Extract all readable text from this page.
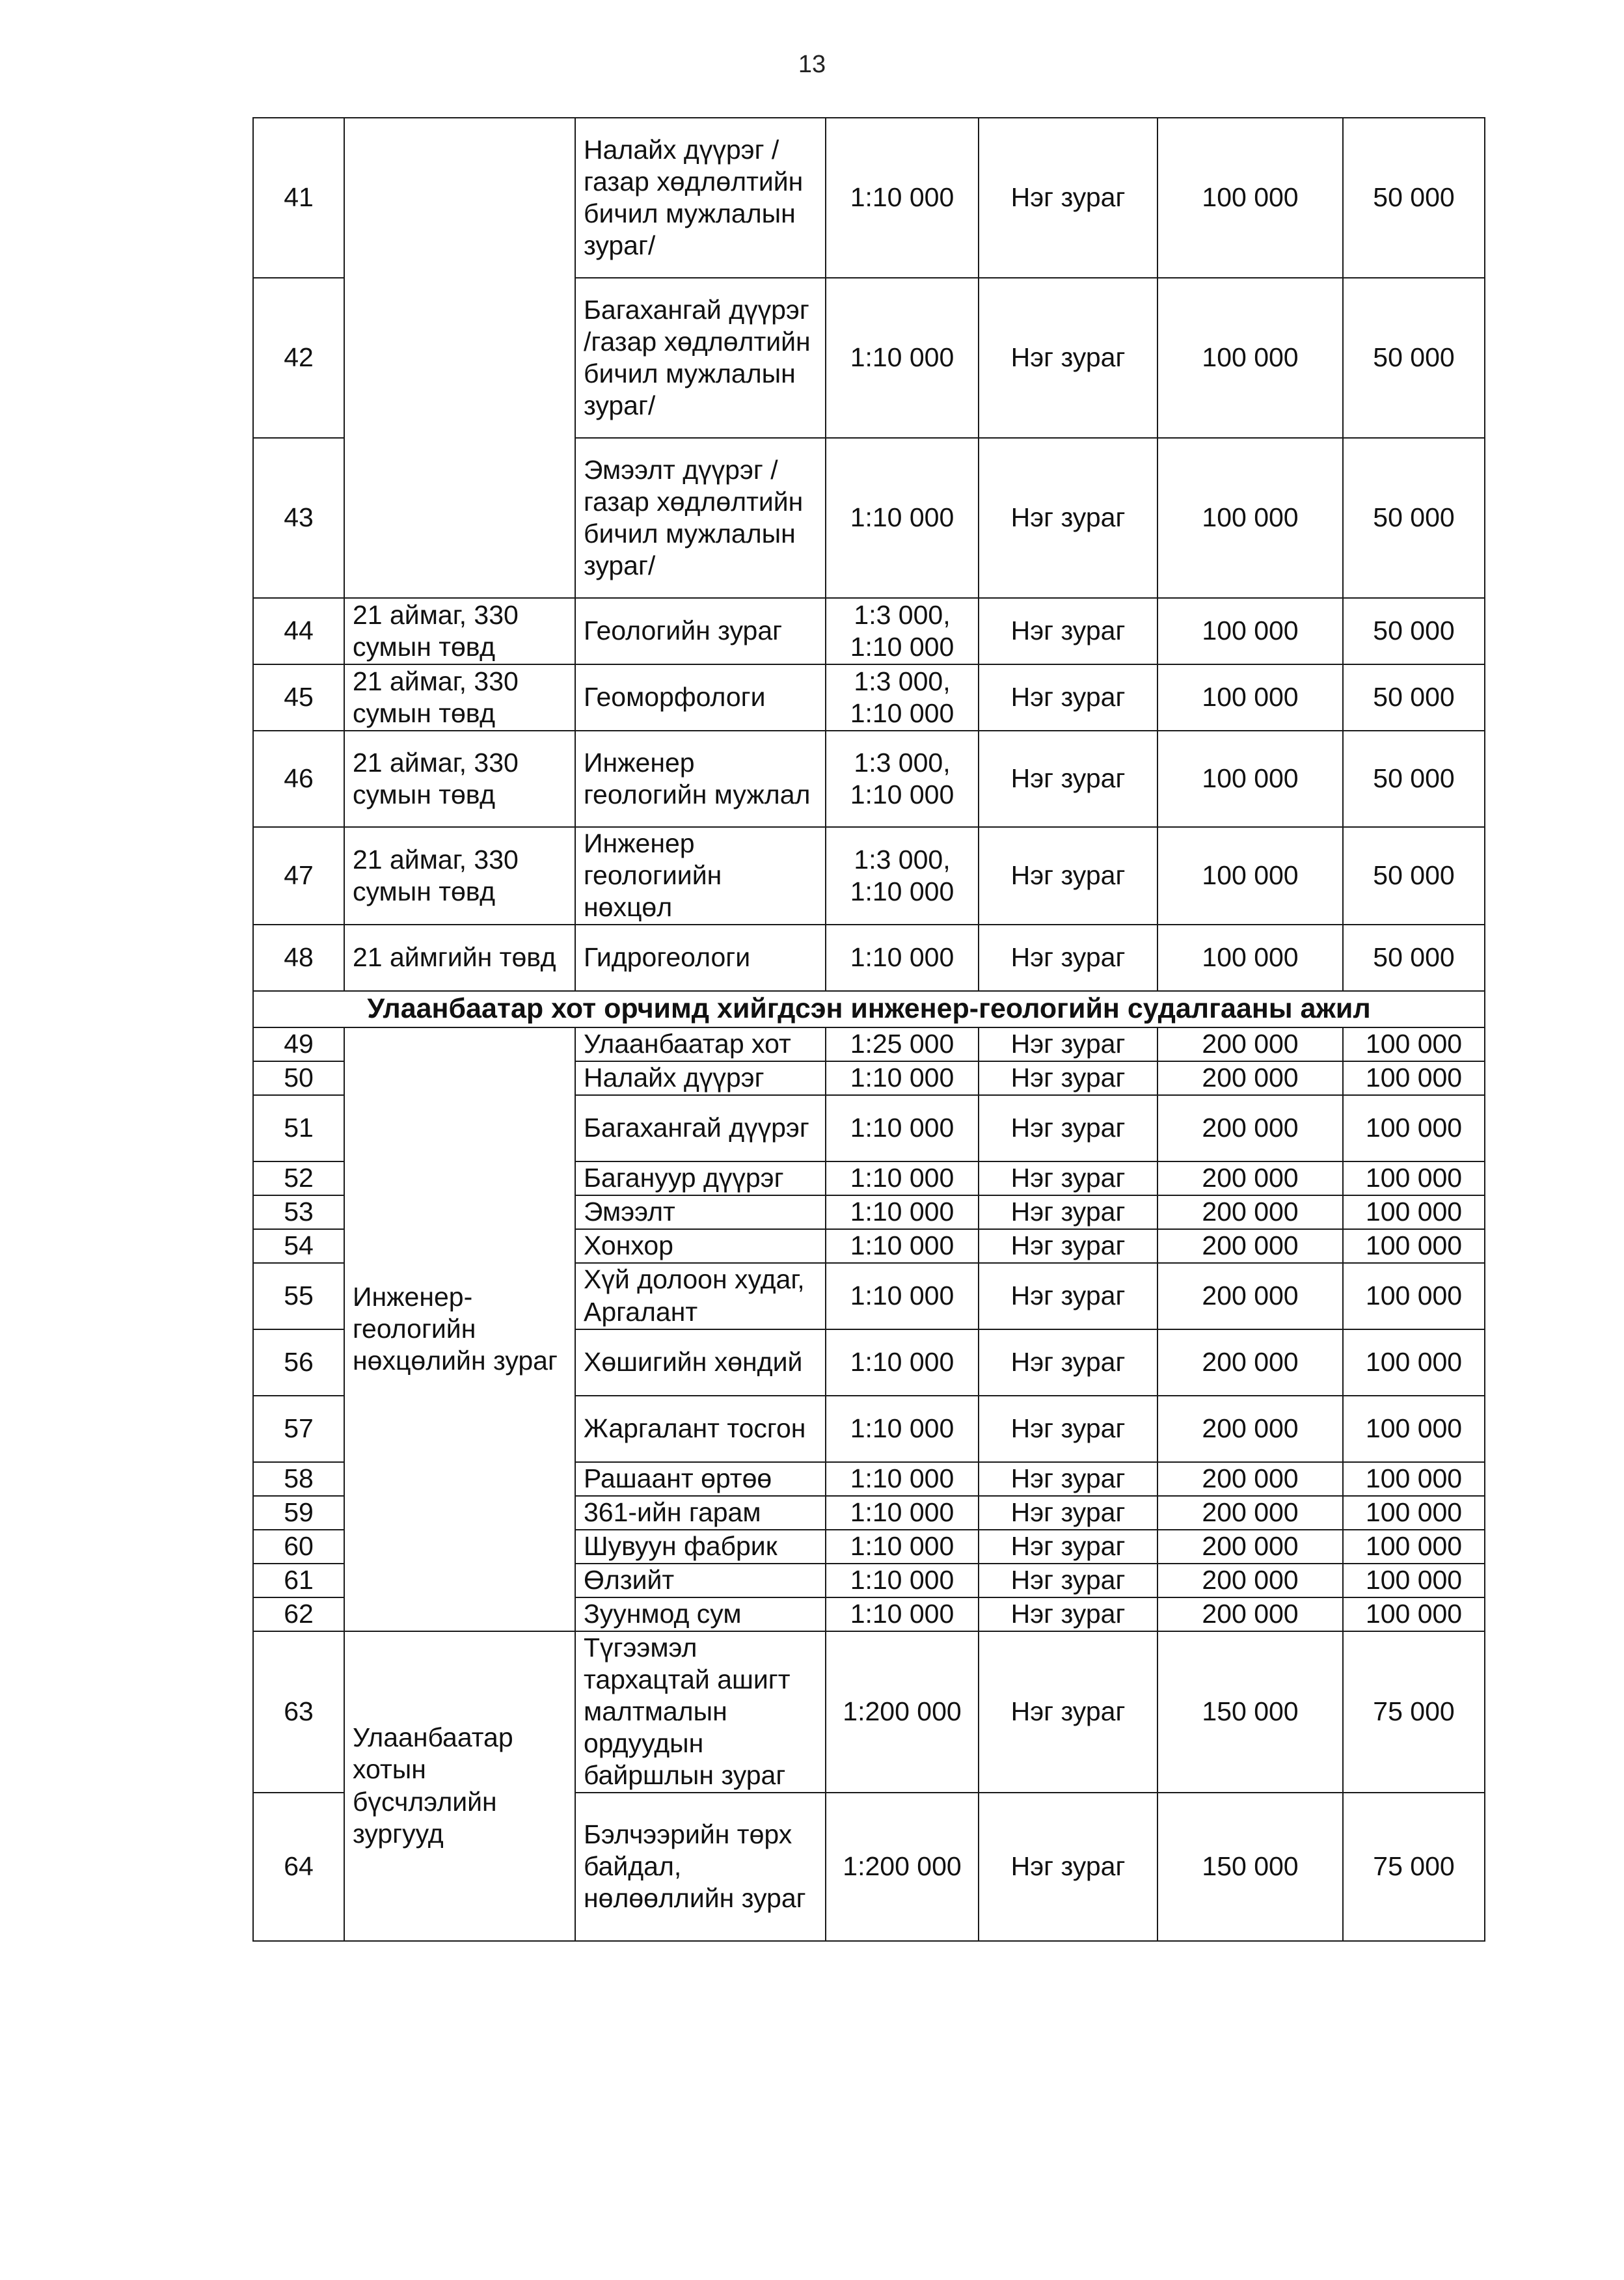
13
41		Налайх дүүрэг /газар хөдлөлтийн бичил мужлалын зураг/	1:10 000	Нэг зураг	100 000	50 000
42		Багахангай дүүрэг /газар хөдлөлтийн бичил мужлалын зураг/	1:10 000	Нэг зураг	100 000	50 000
43		Эмээлт дүүрэг /газар хөдлөлтийн бичил мужлалын зураг/	1:10 000	Нэг зураг	100 000	50 000
44	21 аймаг, 330 сумын төвд	Геологийн зураг	1:3 000, 1:10 000	Нэг зураг	100 000	50 000
45	21 аймаг, 330 сумын төвд	Геоморфологи	1:3 000, 1:10 000	Нэг зураг	100 000	50 000
46	21 аймаг, 330 сумын төвд	Инженер геологийн мужлал	1:3 000, 1:10 000	Нэг зураг	100 000	50 000
47	21 аймаг, 330 сумын төвд	Инженер геологиийн нөхцөл	1:3 000, 1:10 000	Нэг зураг	100 000	50 000
48	21 аймгийн төвд	Гидрогеологи	1:10 000	Нэг зураг	100 000	50 000
Улаанбаатар хот орчимд хийгдсэн инженер-геологийн судалгааны ажил						
49	Инженер-геологийн нөхцөлийн зураг	Улаанбаатар хот	1:25 000	Нэг зураг	200 000	100 000
50		Налайх дүүрэг	1:10 000	Нэг зураг	200 000	100 000
51		Багахангай дүүрэг	1:10 000	Нэг зураг	200 000	100 000
52		Багануур дүүрэг	1:10 000	Нэг зураг	200 000	100 000
53		Эмээлт	1:10 000	Нэг зураг	200 000	100 000
54		Хонхор	1:10 000	Нэг зураг	200 000	100 000
55		Хүй долоон худаг, Аргалант	1:10 000	Нэг зураг	200 000	100 000
56		Хөшигийн хөндий	1:10 000	Нэг зураг	200 000	100 000
57		Жаргалант тосгон	1:10 000	Нэг зураг	200 000	100 000
58		Рашаант өртөө	1:10 000	Нэг зураг	200 000	100 000
59		361-ийн гарам	1:10 000	Нэг зураг	200 000	100 000
60		Шувуун фабрик	1:10 000	Нэг зураг	200 000	100 000
61		Өлзийт	1:10 000	Нэг зураг	200 000	100 000
62		Зуунмод сум	1:10 000	Нэг зураг	200 000	100 000
63	Улаанбаатар хотын бүсчлэлийн зургууд	Түгээмэл тархацтай ашигт малтмалын ордуудын байршлын зураг	1:200 000	Нэг зураг	150 000	75 000
64		Бэлчээрийн төрх байдал, нөлөөллийн зураг	1:200 000	Нэг зураг	150 000	75 000
